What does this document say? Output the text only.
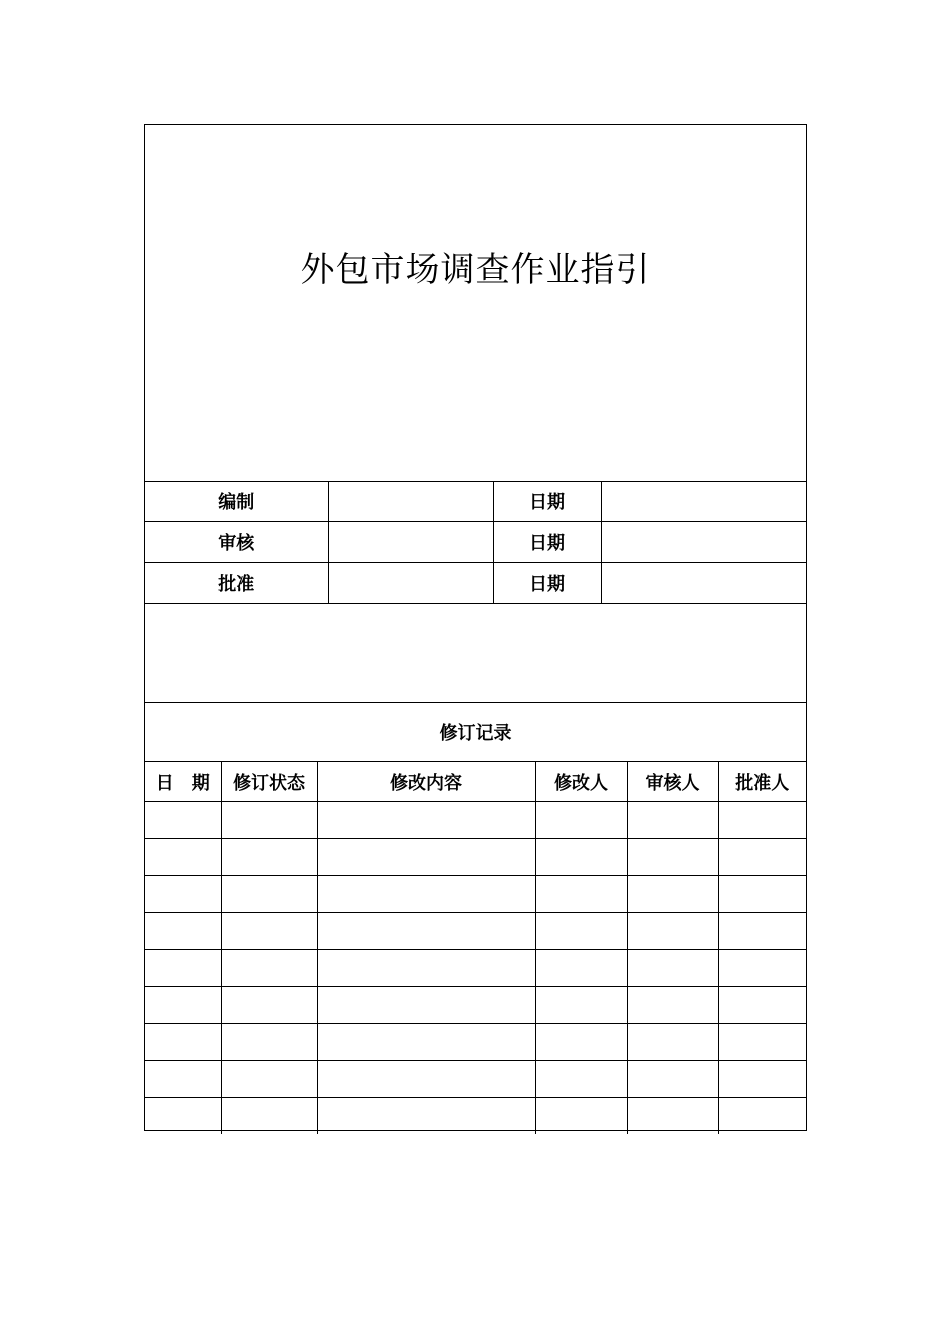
外包市场调查作业指引
编制		日期	
审核		日期	
批准		日期	
修订记录
日　期	修订状态	修改内容	修改人	审核人	批准人
